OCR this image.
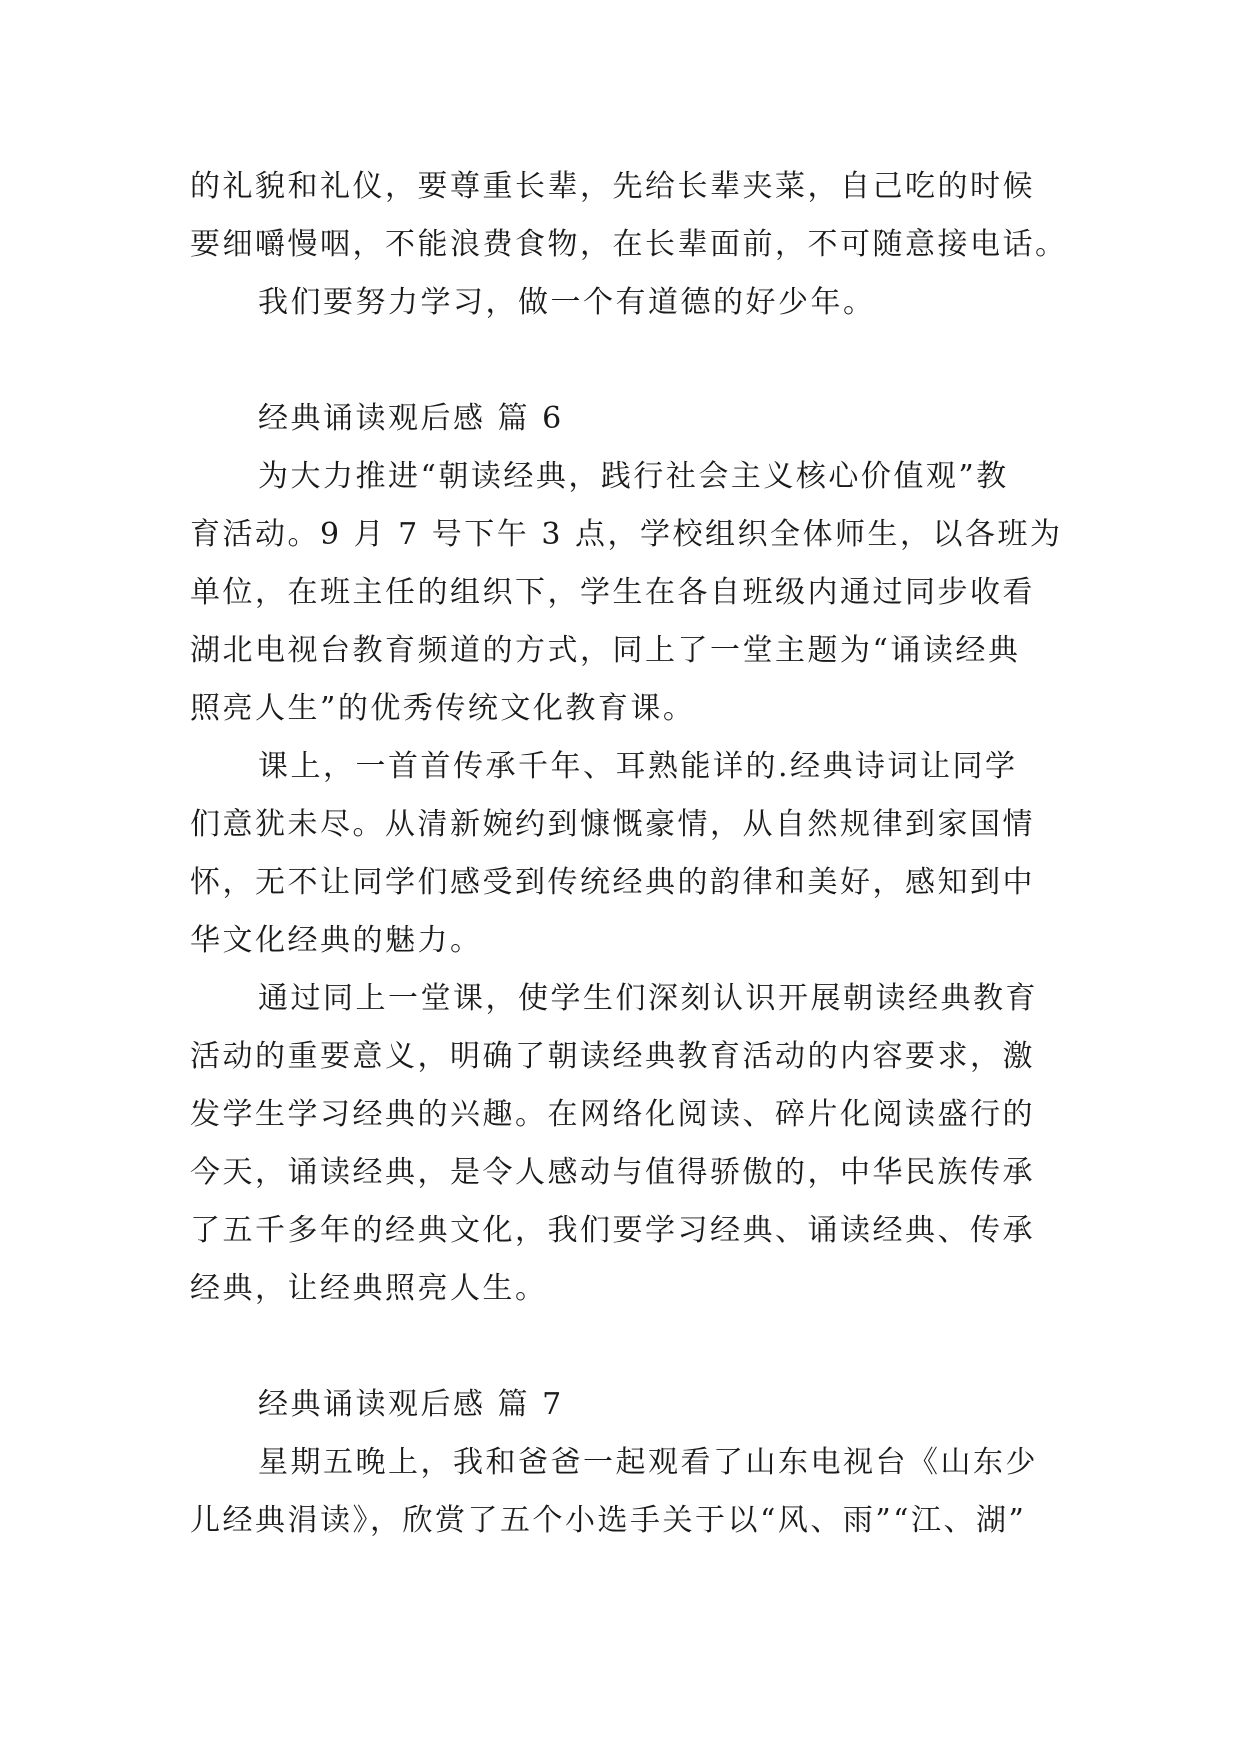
的礼貌和礼仪，要尊重长辈，先给长辈夹菜，自己吃的时候
要细嚼慢咽，不能浪费食物，在长辈面前，不可随意接电话。
我们要努力学习，做一个有道德的好少年。
经典诵读观后感 篇 6
为大力推进“朝读经典，践行社会主义核心价值观”教
育活动。9 月 7 号下午 3 点，学校组织全体师生，以各班为
单位，在班主任的组织下，学生在各自班级内通过同步收看
湖北电视台教育频道的方式，同上了一堂主题为“诵读经典
照亮人生”的优秀传统文化教育课。
课上，一首首传承千年、耳熟能详的.经典诗词让同学
们意犹未尽。从清新婉约到慷慨豪情，从自然规律到家国情
怀，无不让同学们感受到传统经典的韵律和美好，感知到中
华文化经典的魅力。
通过同上一堂课，使学生们深刻认识开展朝读经典教育
活动的重要意义，明确了朝读经典教育活动的内容要求，激
发学生学习经典的兴趣。在网络化阅读、碎片化阅读盛行的
今天，诵读经典，是令人感动与值得骄傲的，中华民族传承
了五千多年的经典文化，我们要学习经典、诵读经典、传承
经典，让经典照亮人生。
经典诵读观后感 篇 7
星期五晚上，我和爸爸一起观看了山东电视台《山东少
儿经典涓读》，欣赏了五个小选手关于以“风、雨”“江、湖”
